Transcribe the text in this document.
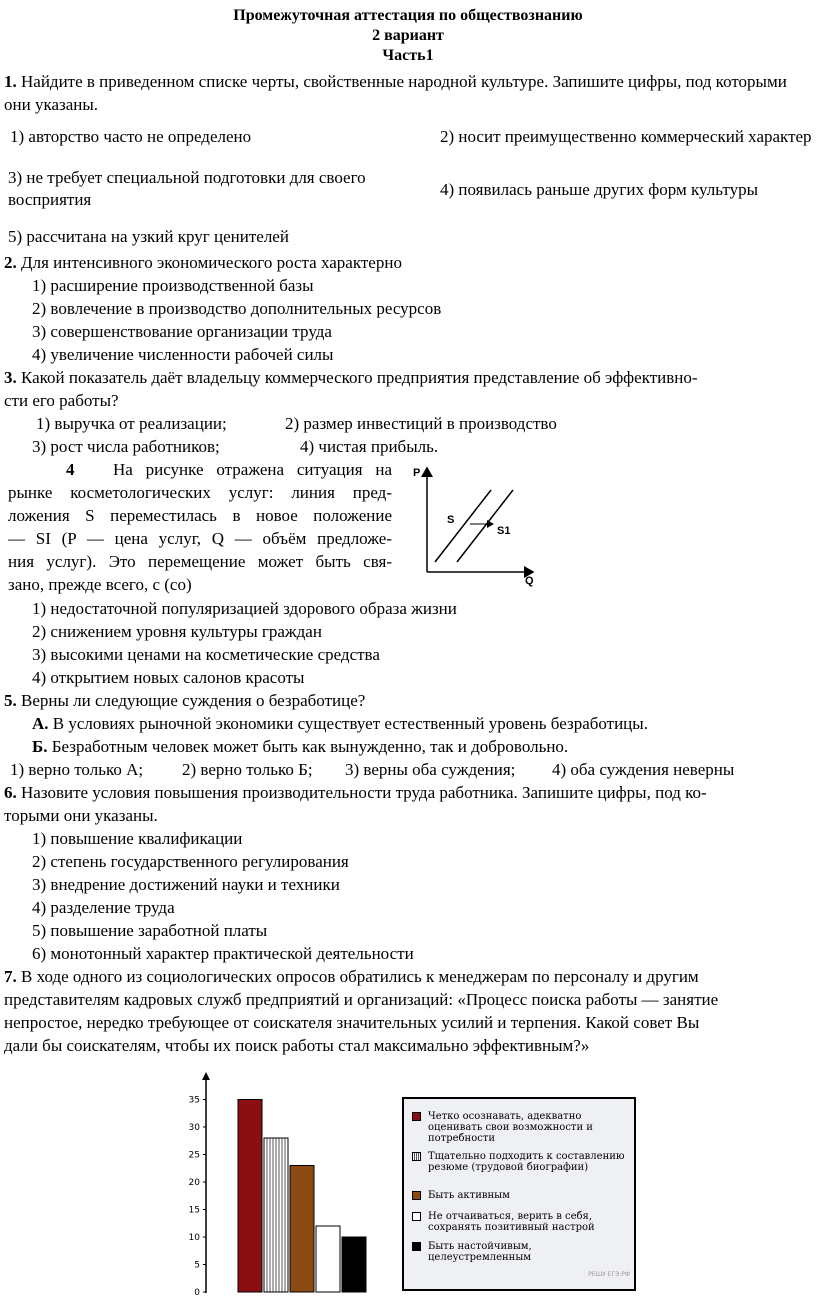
Промежуточная аттестация по обществознанию
2 вариант
Часть1

1. Найдите в приведенном списке черты, свойственные народной культуре. Запишите цифры, под которыми они указаны.

1) авторство часто не определено	2) носит преимущественно коммерческий характер
3) не требует специальной подготовки для своего восприятия
4) появилась раньше других форм культуры
5) рассчитана на узкий круг ценителей
2. Для интенсивного экономического роста характерно
1) расширение производственной базы
2) вовлечение в производство дополнительных ресурсов
3) совершенствование организации труда
4) увеличение численности рабочей силы
3. Какой показатель даёт владельцу коммерческого предприятия представление об эффективно-
сти его работы?
1) выручка от реализации;	2) размер инвестиций в производство
3) рост числа работников;	4) чистая прибыль.
4 На рисунке отражена ситуация на
рынке косметологических услуг: линия пред-
ложения S переместилась в новое положение
— SI (P — цена услуг, Q — объём предложе-
ния услуг). Это перемещение может быть свя-
зано, прежде всего, с (со)
P
Q
S
S1
1) недостаточной популяризацией здорового образа жизни
2) снижением уровня культуры граждан
3) высокими ценами на косметические средства
4) открытием новых салонов красоты
5. Верны ли следующие суждения о безработице?
А. В условиях рыночной экономики существует естественный уровень безработицы.
Б. Безработным человек может быть как вынужденно, так и добровольно.
1) верно только А; 2) верно только Б; 3) верны оба суждения; 4) оба суждения неверны
6. Назовите условия повышения производительности труда работника. Запишите цифры, под ко-
торыми они указаны.
1) повышение квалификации
2) степень государственного регулирования
3) внедрение достижений науки и техники
4) разделение труда
5) повышение заработной платы
6) монотонный характер практической деятельности
7. В ходе одного из социологических опросов обратились к менеджерам по персоналу и другим
представителям кадровых служб предприятий и организаций: «Процесс поиска работы — занятие
непростое, нередко требующее от соискателя значительных усилий и терпения. Какой совет Вы
дали бы соискателям, чтобы их поиск работы стал максимально эффективным?»
0
5
10
15
20
25
30
35
Четко осознавать, адекватно оценивать свои возможности и потребности
Тщательно подходить к составлению резюме (трудовой биографии)
Быть активным
Не отчаиваться, верить в себя, сохранять позитивный настрой
Быть настойчивым, целеустремленным
РЕШУ ЕГЭ.РФ
